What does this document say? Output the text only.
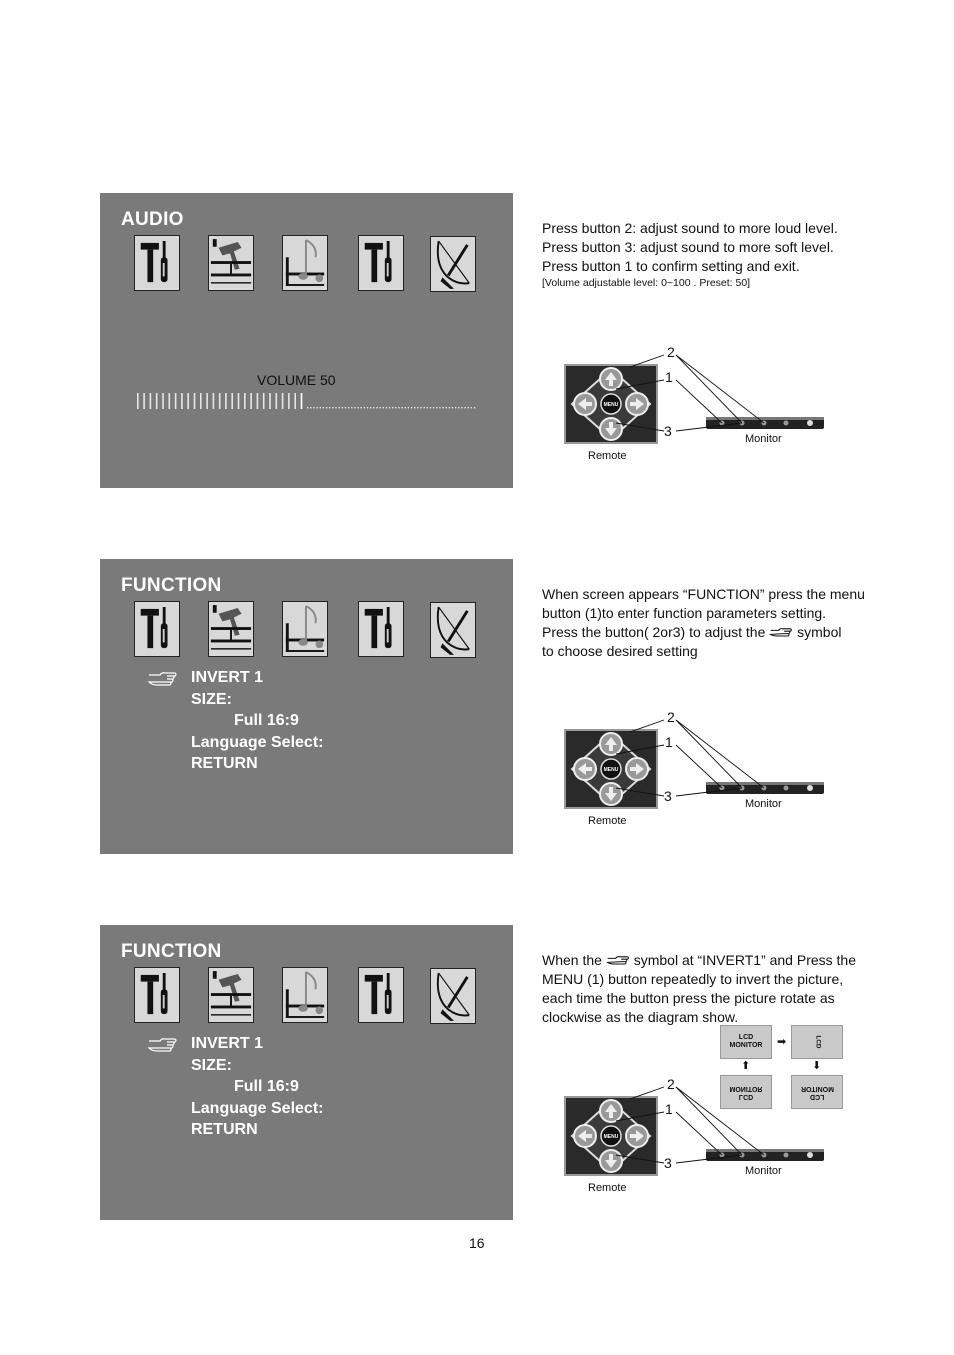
AUDIO
VOLUME 50
Press button 2: adjust sound to more loud level.
Press button 3: adjust sound to more soft level.
Press button 1 to confirm setting and exit.
[Volume adjustable level: 0~100 . Preset: 50]
MENU
2
1
3	Monitor
Remote
FUNCTION
INVERT 1
SIZE:
Full 16:9
Language Select:
RETURN
When screen appears “FUNCTION” press the menu
button (1)to enter function parameters setting.
Press the button( 2or3) to adjust the symbol
to choose desired setting
MENU
2
1
3	Monitor
Remote
FUNCTION
INVERT 1
SIZE:
Full 16:9
Language Select:
RETURN
When the symbol at “INVERT1” and Press the
MENU (1) button repeatedly to invert the picture,
each time the button press the picture rotate as
clockwise as the diagram show.
LCD
MONITOR ➡	LCD
⬇
MONITOR
LCD
⬆
MONITOR
LCD
MENU
2
1
3	Monitor
Remote
16
